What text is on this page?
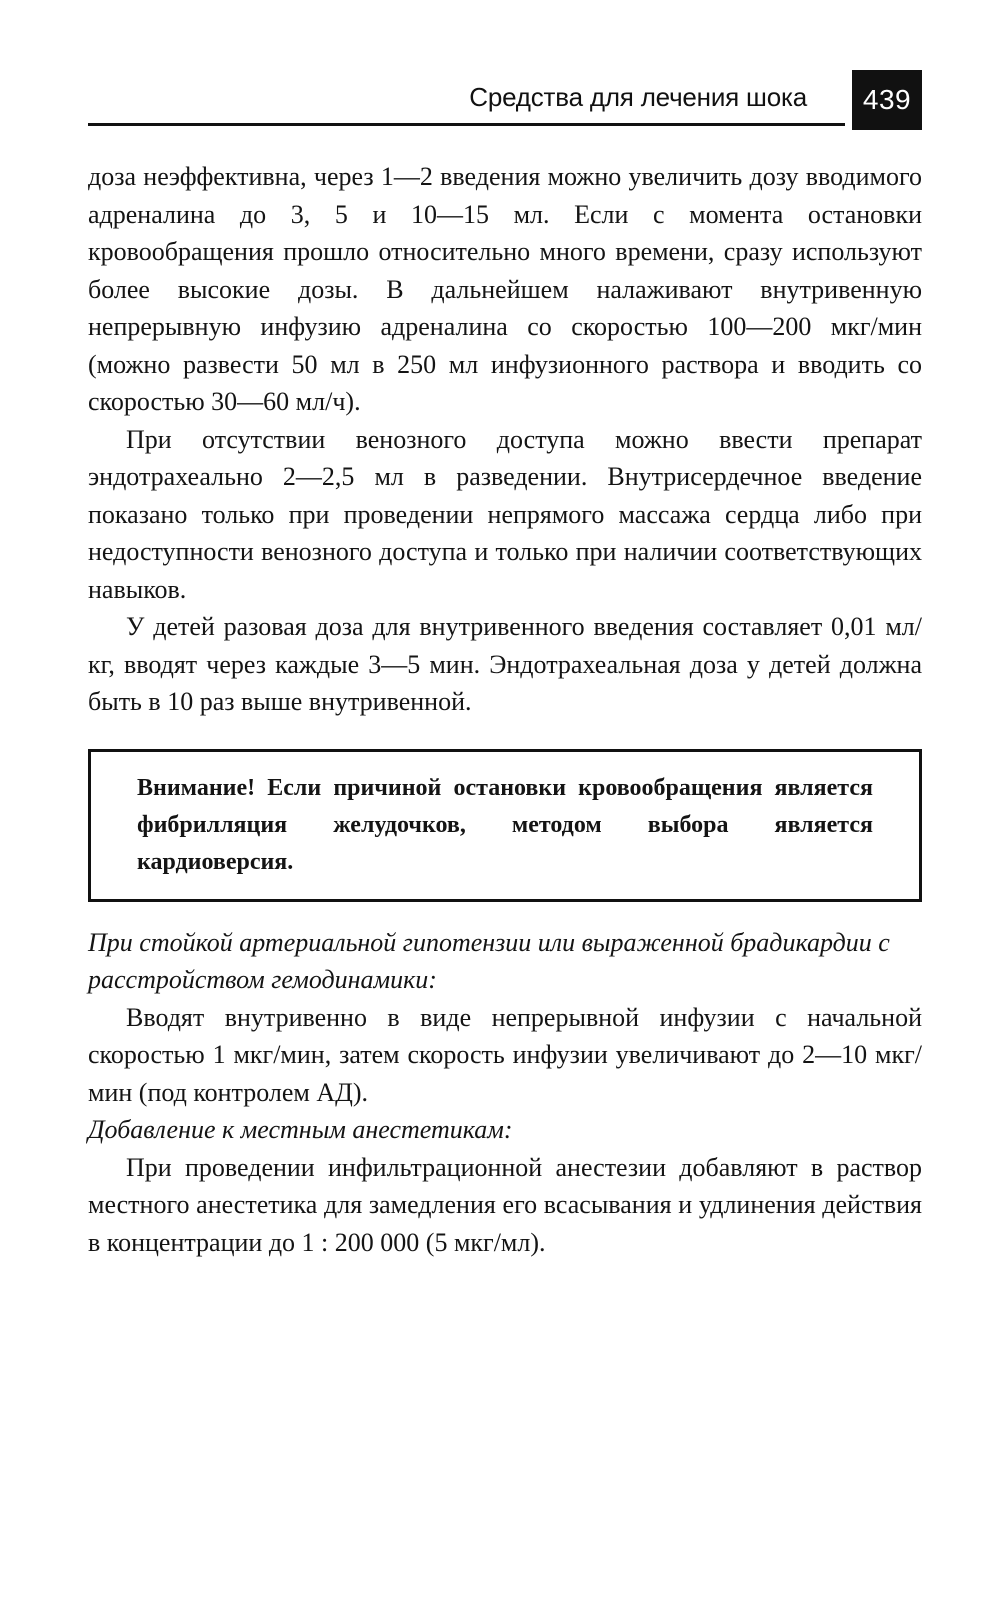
Средства для лечения шока	439

доза неэффективна, через 1—2 введения можно увеличить дозу вводимого адреналина до 3, 5 и 10—15 мл. Если с момента остановки кровообращения прошло относительно много времени, сразу используют более высокие дозы. В дальнейшем налаживают внутривенную непрерывную инфузию адреналина со скоростью 100—200 мкг/мин (можно развести 50 мл в 250 мл инфузионного раствора и вводить со скоростью 30—60 мл/ч).

При отсутствии венозного доступа можно ввести препарат эндотрахеально 2—2,5 мл в разведении. Внутрисердечное введение показано только при проведении непрямого массажа сердца либо при недоступности венозного доступа и только при наличии соответствующих навыков.

У детей разовая доза для внутривенного введения составляет 0,01 мл/кг, вводят через каждые 3—5 мин. Эндотрахеальная доза у детей должна быть в 10 раз выше внутривенной.

Внимание! Если причиной остановки кровообращения является фибрилляция желудочков, методом выбора является кардиоверсия.

При стойкой артериальной гипотензии или выраженной брадикардии с расстройством гемодинамики:

Вводят внутривенно в виде непрерывной инфузии с начальной скоростью 1 мкг/мин, затем скорость инфузии увеличивают до 2—10 мкг/мин (под контролем АД).

Добавление к местным анестетикам:

При проведении инфильтрационной анестезии добавляют в раствор местного анестетика для замедления его всасывания и удлинения действия в концентрации до 1 : 200 000 (5 мкг/мл).
